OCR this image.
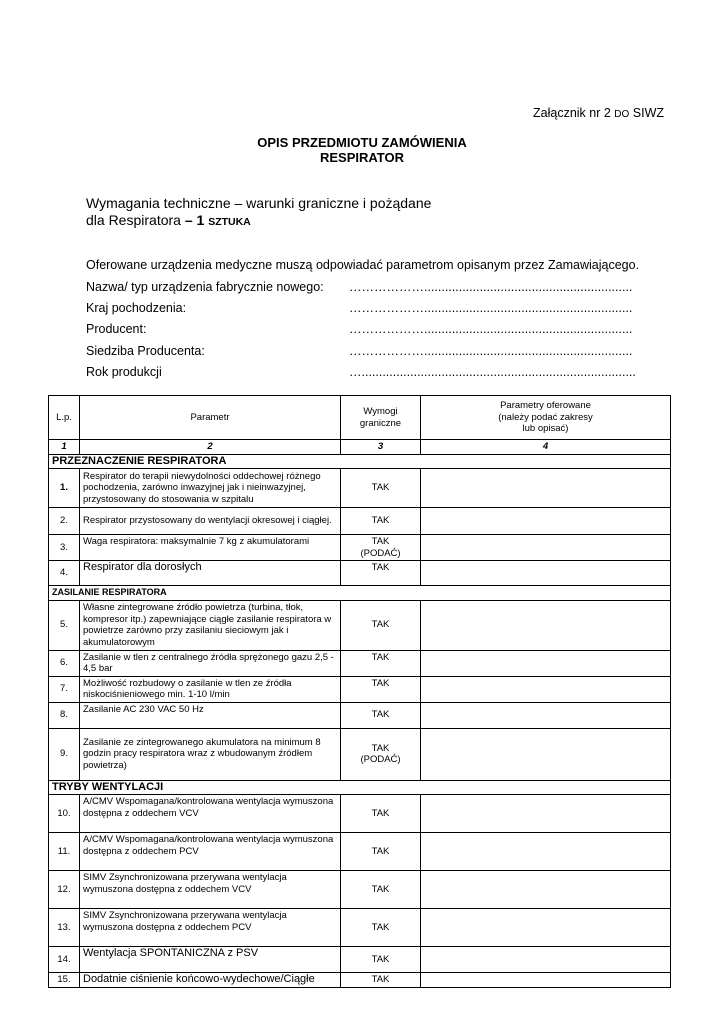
Załącznik nr 2 DO SIWZ
OPIS PRZEDMIOTU ZAMÓWIENIA
RESPIRATOR
Wymagania techniczne – warunki graniczne i pożądane
dla Respiratora – 1 SZTUKA
Oferowane urządzenia medyczne muszą odpowiadać parametrom opisanym przez Zamawiającego.
Nazwa/ typ urządzenia fabrycznie nowego: ………………............................................................
Kraj pochodzenia:	………………............................................................
Producent:	………………............................................................
Siedziba Producenta:	………………............................................................
Rok produkcji	…...............................................................................
L.p.	Parametr	Wymogi graniczne	Parametry oferowane
(należy podać zakresy
lub opisać)

1	2	3	4
PRZEZNACZENIE RESPIRATORA			
1.	Respirator do terapii niewydolności oddechowej różnego pochodzenia, zarówno inwazyjnej jak i nieinwazyjnej, przystosowany do stosowania w szpitalu	TAK	

2.	Respirator przystosowany do wentylacji okresowej i ciągłej.	TAK	

3.	Waga respiratora: maksymalnie 7 kg z akumulatorami	TAK
(PODAĆ)	

4.	Respirator dla dorosłych	TAK	

ZASILANIE RESPIRATORA			
5.	Własne zintegrowane źródło powietrza (turbina, tłok, kompresor itp.) zapewniające ciągłe zasilanie respiratora w powietrze zarówno przy zasilaniu sieciowym jak i akumulatorowym	TAK	

6.	Zasilanie w tlen z centralnego źródła sprężonego gazu 2,5 - 4,5 bar	TAK	

7.	Możliwość rozbudowy o zasilanie w tlen ze źródła niskociśnieniowego min. 1-10 l/min	TAK	

8.	Zasilanie AC 230 VAC 50 Hz	TAK	

9.	Zasilanie ze zintegrowanego akumulatora na minimum 8 godzin pracy respiratora wraz z wbudowanym źródłem powietrza)	TAK
(PODAĆ)	

TRYBY WENTYLACJI			
10.	A/CMV Wspomagana/kontrolowana wentylacja wymuszona dostępna z oddechem VCV	TAK	

11.	A/CMV Wspomagana/kontrolowana wentylacja wymuszona dostępna z oddechem PCV	TAK	

12.	SIMV Zsynchronizowana przerywana wentylacja wymuszona dostępna z oddechem VCV	TAK	

13.	SIMV Zsynchronizowana przerywana wentylacja wymuszona dostępna z oddechem PCV	TAK	

14.	Wentylacja SPONTANICZNA z PSV	TAK	

15.	Dodatnie ciśnienie końcowo-wydechowe/Ciągłe	TAK	
